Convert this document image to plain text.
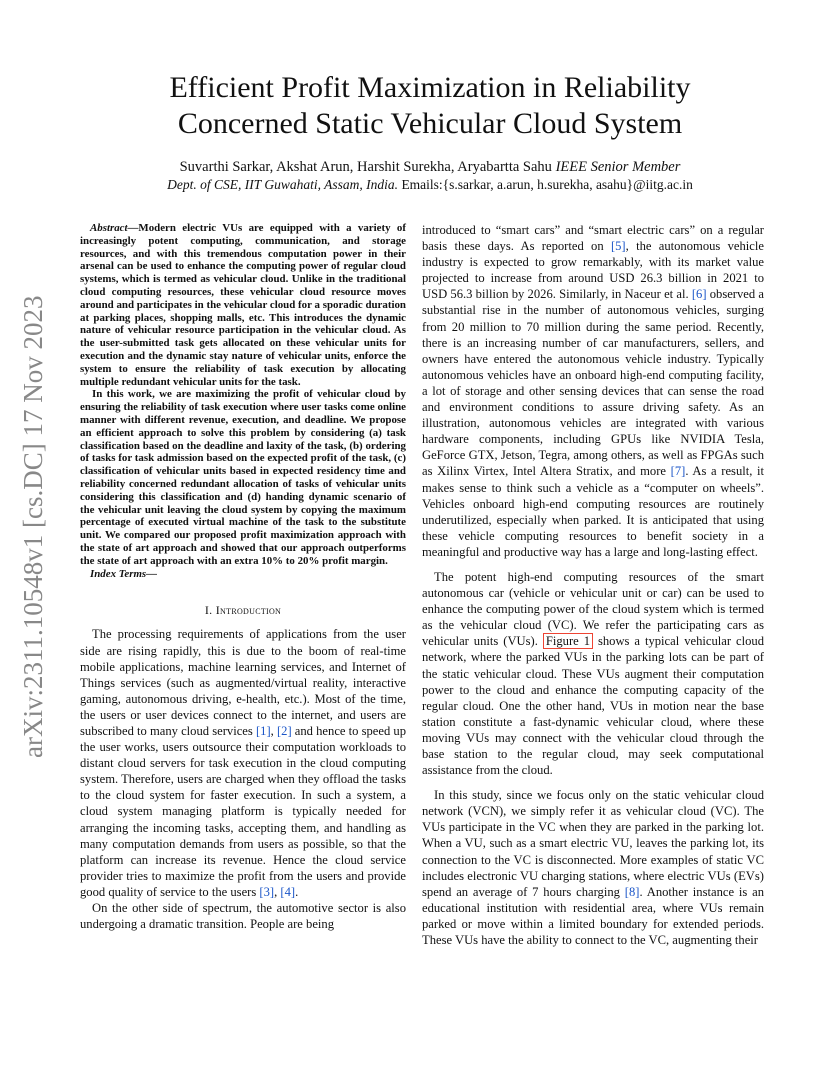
arXiv:2311.10548v1 [cs.DC] 17 Nov 2023
Efficient Profit Maximization in Reliability
Concerned Static Vehicular Cloud System
Suvarthi Sarkar, Akshat Arun, Harshit Surekha, Aryabartta Sahu IEEE Senior Member
Dept. of CSE, IIT Guwahati, Assam, India. Emails:{s.sarkar, a.arun, h.surekha, asahu}@iitg.ac.in

Abstract—Modern electric VUs are equipped with a variety of increasingly potent computing, communication, and storage resources, and with this tremendous computation power in their arsenal can be used to enhance the computing power of regular cloud systems, which is termed as vehicular cloud. Unlike in the traditional cloud computing resources, these vehicular cloud resource moves around and participates in the vehicular cloud for a sporadic duration at parking places, shopping malls, etc. This introduces the dynamic nature of vehicular resource participation in the vehicular cloud. As the user-submitted task gets allocated on these vehicular units for execution and the dynamic stay nature of vehicular units, enforce the system to ensure the reliability of task execution by allocating multiple redundant vehicular units for the task.

In this work, we are maximizing the profit of vehicular cloud by ensuring the reliability of task execution where user tasks come online manner with different revenue, execution, and deadline. We propose an efficient approach to solve this problem by considering (a) task classification based on the deadline and laxity of the task, (b) ordering of tasks for task admission based on the expected profit of the task, (c) classification of vehicular units based in expected residency time and reliability concerned redundant allocation of tasks of vehicular units considering this classification and (d) handing dynamic scenario of the vehicular unit leaving the cloud system by copying the maximum percentage of executed virtual machine of the task to the substitute unit. We compared our proposed profit maximization approach with the state of art approach and showed that our approach outperforms the state of art approach with an extra 10% to 20% profit margin.

Index Terms—
I. Introduction

The processing requirements of applications from the user side are rising rapidly, this is due to the boom of real-time mobile applications, machine learning services, and Internet of Things services (such as augmented/virtual reality, interactive gaming, autonomous driving, e-health, etc.). Most of the time, the users or user devices connect to the internet, and users are subscribed to many cloud services [1], [2] and hence to speed up the user works, users outsource their computation workloads to distant cloud servers for task execution in the cloud computing system. Therefore, users are charged when they offload the tasks to the cloud system for faster execution. In such a system, a cloud system managing platform is typically needed for arranging the incoming tasks, accepting them, and handling as many computation demands from users as possible, so that the platform can increase its revenue. Hence the cloud service provider tries to maximize the profit from the users and provide good quality of service to the users [3], [4].

On the other side of spectrum, the automotive sector is also undergoing a dramatic transition. People are being

introduced to “smart cars” and “smart electric cars” on a regular basis these days. As reported on [5], the autonomous vehicle industry is expected to grow remarkably, with its market value projected to increase from around USD 26.3 billion in 2021 to USD 56.3 billion by 2026. Similarly, in Naceur et al. [6] observed a substantial rise in the number of autonomous vehicles, surging from 20 million to 70 million during the same period. Recently, there is an increasing number of car manufacturers, sellers, and owners have entered the autonomous vehicle industry. Typically autonomous vehicles have an onboard high-end computing facility, a lot of storage and other sensing devices that can sense the road and environment conditions to assure driving safety. As an illustration, autonomous vehicles are integrated with various hardware components, including GPUs like NVIDIA Tesla, GeForce GTX, Jetson, Tegra, among others, as well as FPGAs such as Xilinx Virtex, Intel Altera Stratix, and more [7]. As a result, it makes sense to think such a vehicle as a “computer on wheels”. Vehicles onboard high-end computing resources are routinely underutilized, especially when parked. It is anticipated that using these vehicle computing resources to benefit society in a meaningful and productive way has a large and long-lasting effect.

The potent high-end computing resources of the smart autonomous car (vehicle or vehicular unit or car) can be used to enhance the computing power of the cloud system which is termed as the vehicular cloud (VC). We refer the participating cars as vehicular units (VUs). Figure 1 shows a typical vehicular cloud network, where the parked VUs in the parking lots can be part of the static vehicular cloud. These VUs augment their computation power to the cloud and enhance the computing capacity of the regular cloud. One the other hand, VUs in motion near the base station constitute a fast-dynamic vehicular cloud, where these moving VUs may connect with the vehicular cloud through the base station to the regular cloud, may seek computational assistance from the cloud.

In this study, since we focus only on the static vehicular cloud network (VCN), we simply refer it as vehicular cloud (VC). The VUs participate in the VC when they are parked in the parking lot. When a VU, such as a smart electric VU, leaves the parking lot, its connection to the VC is disconnected. More examples of static VC includes electronic VU charging stations, where electric VUs (EVs) spend an average of 7 hours charging [8]. Another instance is an educational institution with residential area, where VUs remain parked or move within a limited boundary for extended periods. These VUs have the ability to connect to the VC, augmenting their
